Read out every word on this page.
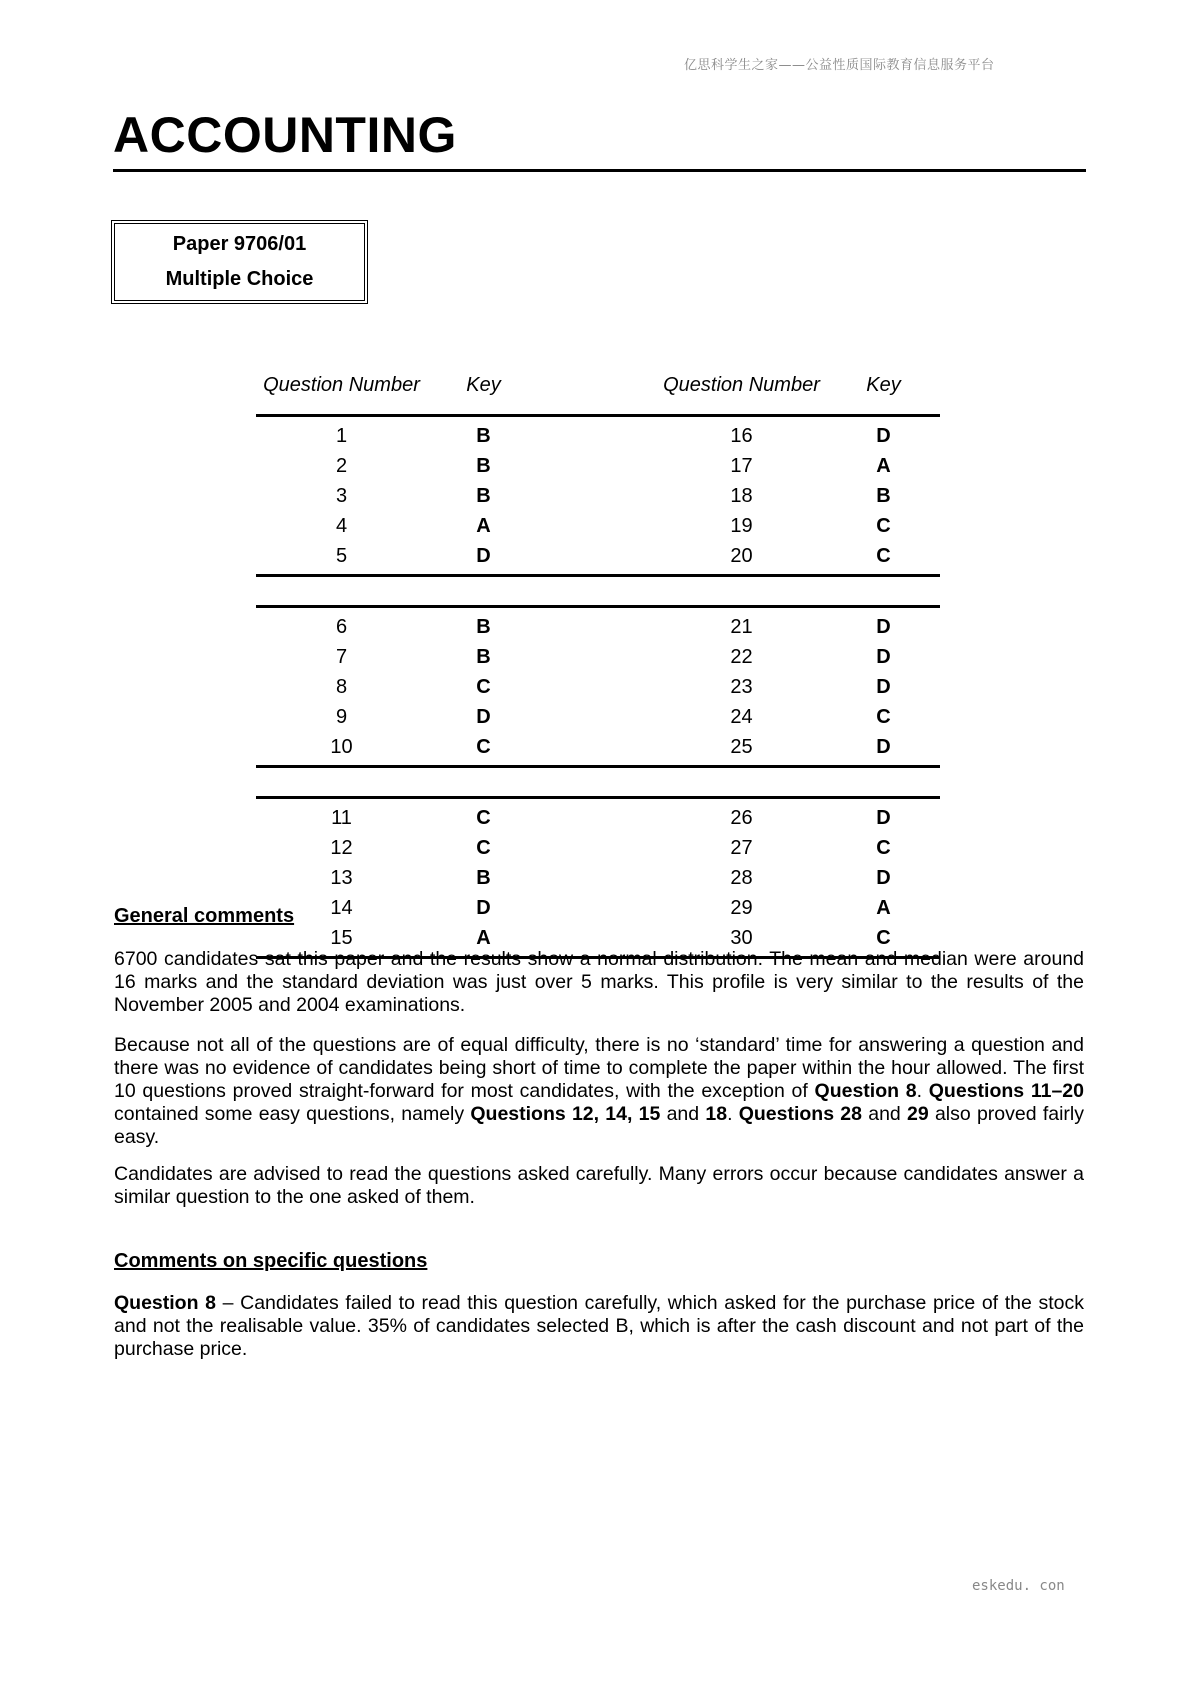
亿思科学生之家——公益性质国际教育信息服务平台
ACCOUNTING
Paper 9706/01
Multiple Choice
Question Number	Key	Question Number	Key
1	B	16	D
2	B	17	A
3	B	18	B
4	A	19	C
5	D	20	C
6	B	21	D
7	B	22	D
8	C	23	D
9	D	24	C
10	C	25	D
11	C	26	D
12	C	27	C
13	B	28	D
14	D	29	A
15	A	30	C
General comments
6700 candidates sat this paper and the results show a normal distribution. The mean and median were around 16 marks and the standard deviation was just over 5 marks. This profile is very similar to the results of the November 2005 and 2004 examinations.
Because not all of the questions are of equal difficulty, there is no ‘standard’ time for answering a question and there was no evidence of candidates being short of time to complete the paper within the hour allowed. The first 10 questions proved straight-forward for most candidates, with the exception of Question 8. Questions 11–20 contained some easy questions, namely Questions 12, 14, 15 and 18. Questions 28 and 29 also proved fairly easy.
Candidates are advised to read the questions asked carefully. Many errors occur because candidates answer a similar question to the one asked of them.
Comments on specific questions
Question 8 – Candidates failed to read this question carefully, which asked for the purchase price of the stock and not the realisable value. 35% of candidates selected B, which is after the cash discount and not part of the purchase price.
eskedu. con
